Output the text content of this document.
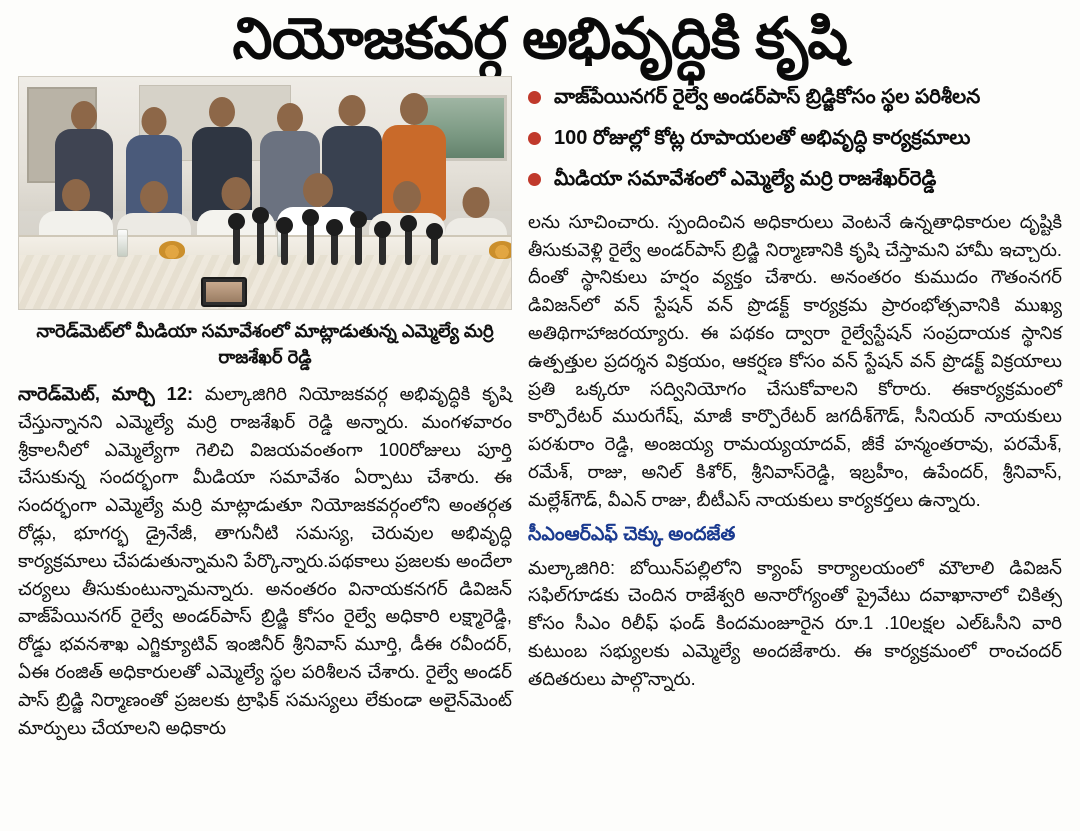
నియోజకవర్గ అభివృద్ధికి కృషి
నారెడ్‌మెట్‌లో మీడియా సమావేశంలో మాట్లాడుతున్న ఎమ్మెల్యే మర్రి రాజశేఖర్ రెడ్డి
నారెడ్‌మెట్, మార్చి 12: మల్కాజిగిరి నియోజకవర్గ అభివృద్ధికి కృషి చేస్తున్నానని ఎమ్మెల్యే మర్రి రాజశేఖర్ రెడ్డి అన్నారు. మంగళవారం శ్రీకాలనీలో ఎమ్మెల్యేగా గెలిచి విజయవంతంగా 100రోజులు పూర్తి చేసుకున్న సందర్భంగా మీడియా సమావేశం ఏర్పాటు చేశారు. ఈ సందర్భంగా ఎమ్మెల్యే మర్రి మాట్లాడుతూ నియోజకవర్గంలోని అంతర్గత రోడ్లు, భూగర్భ డ్రైనేజీ, తాగునీటి సమస్య, చెరువుల అభివృద్ధి కార్యక్రమాలు చేపడుతున్నామని పేర్కొన్నారు.పథకాలు ప్రజలకు అందేలా చర్యలు తీసుకుంటున్నామన్నారు. అనంతరం వినాయకనగర్ డివిజన్ వాజ్‌పేయినగర్ రైల్వే అండర్‌పాస్ బ్రిడ్జి కోసం రైల్వే అధికారి లక్ష్మారెడ్డి, రోడ్డు భవనశాఖ ఎగ్జిక్యూటివ్ ఇంజినీర్ శ్రీనివాస్ మూర్తి, డీఈ రవీందర్, ఏఈ రంజిత్ అధికారులతో ఎమ్మెల్యే స్థల పరిశీలన చేశారు. రైల్వే అండర్ పాస్ బ్రిడ్జి నిర్మాణంతో ప్రజలకు ట్రాఫిక్ సమస్యలు లేకుండా అలైన్‌మెంట్ మార్పులు చేయాలని అధికారు
వాజ్‌పేయినగర్ రైల్వే అండర్‌పాస్ బ్రిడ్జికోసం స్థల పరిశీలన
100 రోజుల్లో కోట్ల రూపాయలతో అభివృద్ధి కార్యక్రమాలు
మీడియా సమావేశంలో ఎమ్మెల్యే మర్రి రాజశేఖర్‌రెడ్డి
లను సూచించారు. స్పందించిన అధికారులు వెంటనే ఉన్నతాధికారుల దృష్టికి తీసుకువెళ్లి రైల్వే అండర్‌పాస్ బ్రిడ్జి నిర్మాణానికి కృషి చేస్తామని హామీ ఇచ్చారు. దీంతో స్థానికులు హర్షం వ్యక్తం చేశారు. అనంతరం కుముదం గౌతంనగర్ డివిజన్‌లో వన్ స్టేషన్ వన్ ప్రొడక్ట్ కార్యక్రమ ప్రారంభోత్సవానికి ముఖ్య అతిథిగాహాజరయ్యారు. ఈ పథకం ద్వారా రైల్వేస్టేషన్ సంప్రదాయక స్థానిక ఉత్పత్తుల ప్రదర్శన విక్రయం, ఆకర్షణ కోసం వన్ స్టేషన్ వన్ ప్రొడక్ట్ విక్రయాలు ప్రతి ఒక్కరూ సద్వినియోగం చేసుకోవాలని కోరారు. ఈకార్యక్రమంలో కార్పొరేటర్ మురుగేష్, మాజీ కార్పొరేటర్ జగదీశ్‌గౌడ్, సీనియర్ నాయకులు పరశురాం రెడ్డి, అంజయ్య రామయ్యయాదవ్, జీకే హన్మంతరావు, పరమేశ్, రమేశ్, రాజు, అనిల్ కిశోర్, శ్రీనివాస్‌రెడ్డి, ఇబ్రహీం, ఉపేందర్, శ్రీనివాస్, మల్లేశ్‌గౌడ్, వీఎన్ రాజు, బీటీఎస్ నాయకులు కార్యకర్తలు ఉన్నారు.
సీఎంఆర్‌ఎఫ్ చెక్కు అందజేత
మల్కాజిగిరి: బోయిన్‌పల్లిలోని క్యాంప్ కార్యాలయంలో మౌలాలి డివిజన్ సఫిల్‌గూడకు చెందిన రాజేశ్వరి అనారోగ్యంతో ప్రైవేటు దవాఖానాలో చికిత్స కోసం సీఎం రిలీఫ్ ఫండ్ కిందమంజూరైన రూ.1 .10లక్షల ఎల్‌ఓసీని వారి కుటుంబ సభ్యులకు ఎమ్మెల్యే అందజేశారు. ఈ కార్యక్రమంలో రాంచందర్ తదితరులు పాల్గొన్నారు.
